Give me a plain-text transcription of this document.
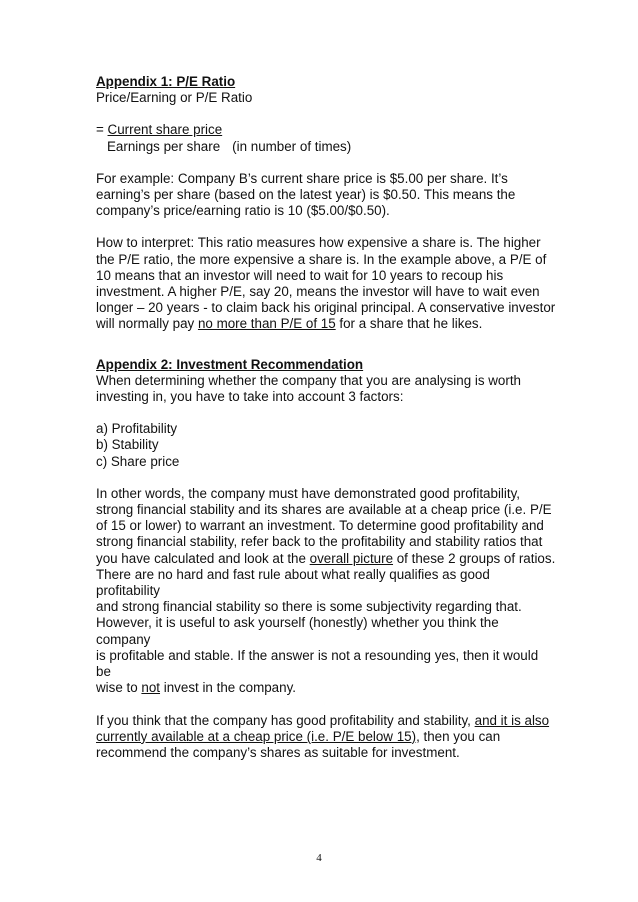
Appendix 1: P/E Ratio

Price/Earning or P/E Ratio

= Current share price

Earnings per share (in number of times)

For example: Company B’s current share price is $5.00 per share. It’s

earning’s per share (based on the latest year) is $0.50. This means the

company’s price/earning ratio is 10 ($5.00/$0.50).

How to interpret: This ratio measures how expensive a share is. The higher

the P/E ratio, the more expensive a share is. In the example above, a P/E of

10 means that an investor will need to wait for 10 years to recoup his

investment. A higher P/E, say 20, means the investor will have to wait even

longer – 20 years - to claim back his original principal. A conservative investor

will normally pay no more than P/E of 15 for a share that he likes.

Appendix 2: Investment Recommendation

When determining whether the company that you are analysing is worth

investing in, you have to take into account 3 factors:

a) Profitability

b) Stability

c) Share price

In other words, the company must have demonstrated good profitability,

strong financial stability and its shares are available at a cheap price (i.e. P/E

of 15 or lower) to warrant an investment. To determine good profitability and

strong financial stability, refer back to the profitability and stability ratios that

you have calculated and look at the overall picture of these 2 groups of ratios.

There are no hard and fast rule about what really qualifies as good profitability

and strong financial stability so there is some subjectivity regarding that.

However, it is useful to ask yourself (honestly) whether you think the company

is profitable and stable. If the answer is not a resounding yes, then it would be

wise to not invest in the company.

If you think that the company has good profitability and stability, and it is also

currently available at a cheap price (i.e. P/E below 15), then you can

recommend the company’s shares as suitable for investment.

4
